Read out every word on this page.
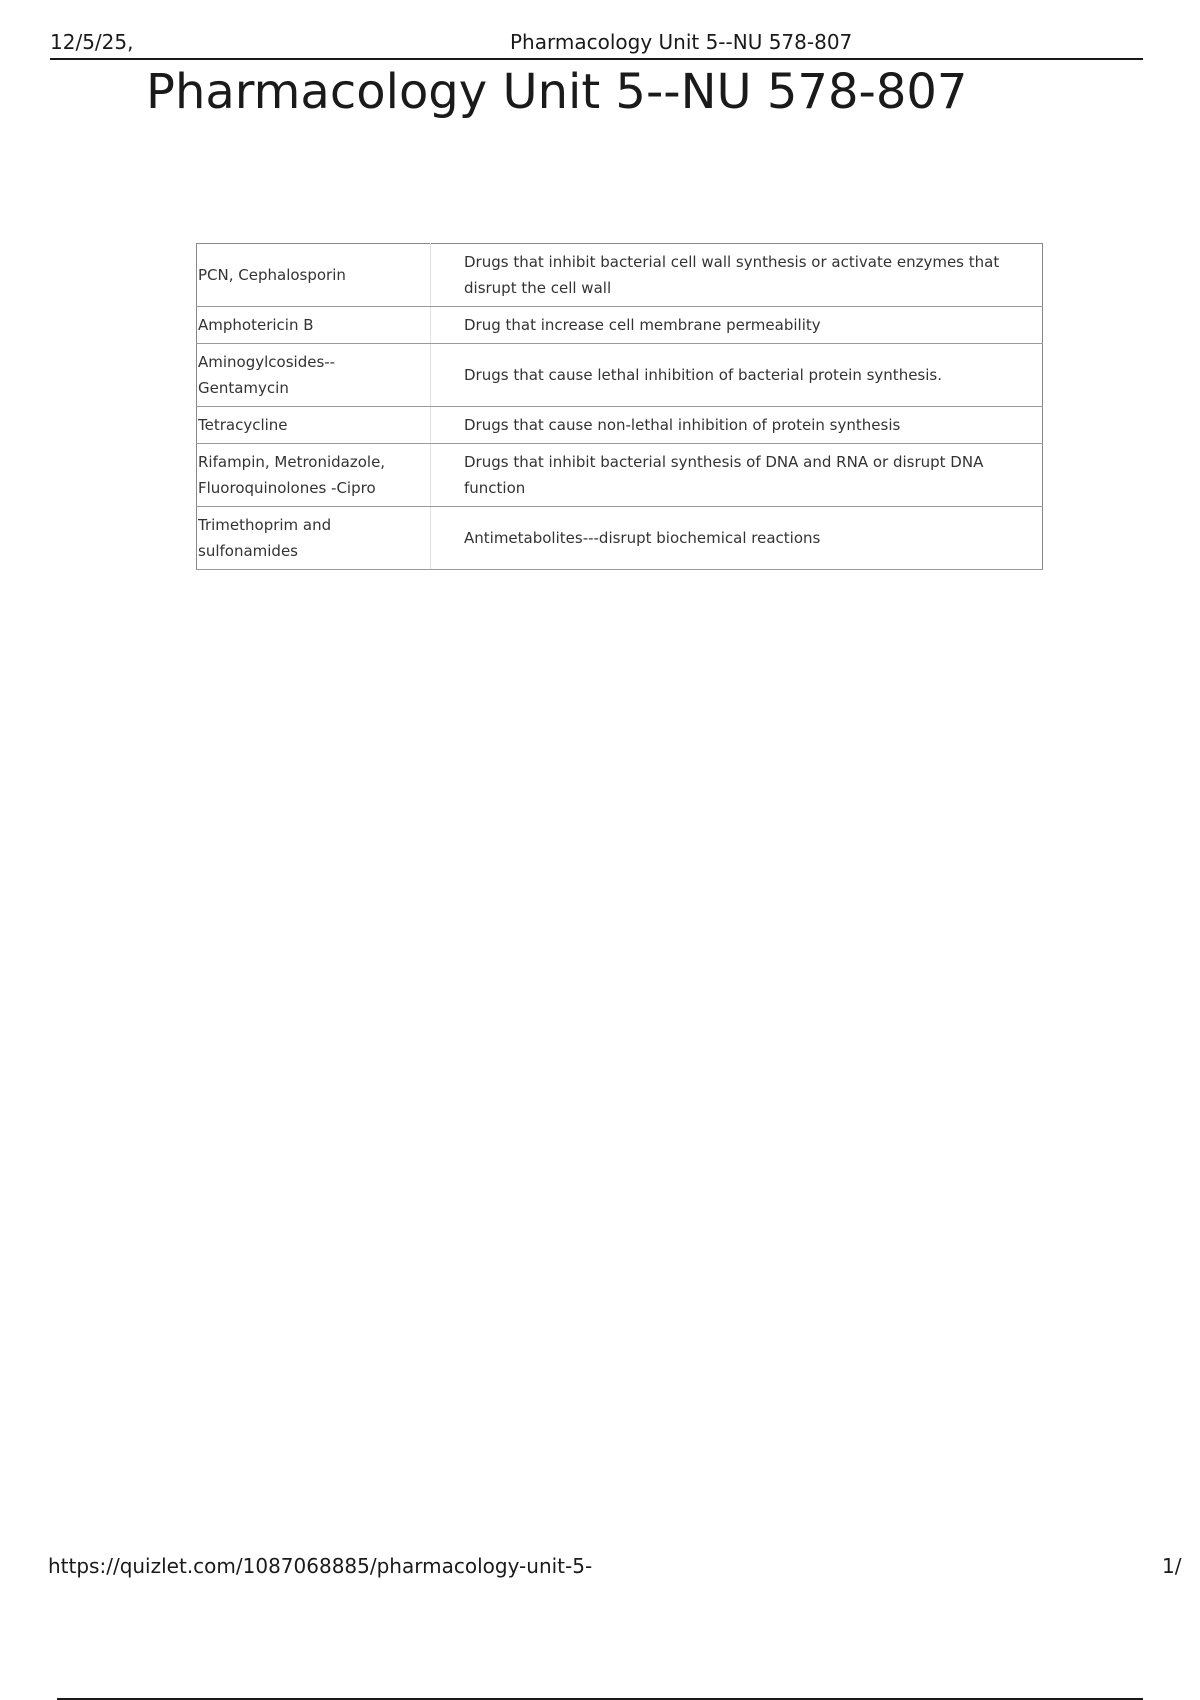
12/5/25,	Pharmacology Unit 5--NU 578-807
Pharmacology Unit 5--NU 578-807
PCN, Cephalosporin	Drugs that inhibit bacterial cell wall synthesis or activate enzymes that disrupt the cell wall
Amphotericin B	Drug that increase cell membrane permeability
Aminogylcosides--Gentamycin	Drugs that cause lethal inhibition of bacterial protein synthesis.
Tetracycline	Drugs that cause non-lethal inhibition of protein synthesis
Rifampin, Metronidazole, Fluoroquinolones -Cipro	Drugs that inhibit bacterial synthesis of DNA and RNA or disrupt DNA function
Trimethoprim and sulfonamides	Antimetabolites---disrupt biochemical reactions
https://quizlet.com/1087068885/pharmacology-unit-5-	1/
